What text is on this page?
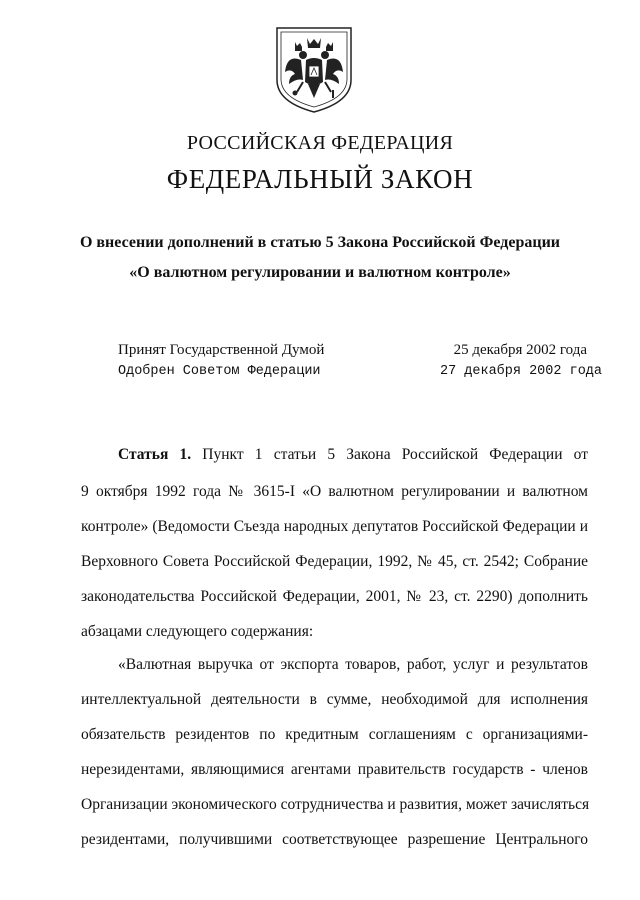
РОССИЙСКАЯ ФЕДЕРАЦИЯ
ФЕДЕРАЛЬНЫЙ ЗАКОН
О внесении дополнений в статью 5 Закона Российской Федерации
«О валютном регулировании и валютном контроле»
Принят Государственной Думой	25 декабря 2002 года
Одобрен Советом Федерации	27 декабря 2002 года
Статья 1. Пункт 1 статьи 5 Закона Российской Федерации от
9 октября 1992 года № 3615-I «О валютном регулировании и валютном
контроле» (Ведомости Съезда народных депутатов Российской Федерации и
Верховного Совета Российской Федерации, 1992, № 45, ст. 2542; Собрание
законодательства Российской Федерации, 2001, № 23, ст. 2290) дополнить
абзацами следующего содержания:
«Валютная выручка от экспорта товаров, работ, услуг и результатов
интеллектуальной деятельности в сумме, необходимой для исполнения
обязательств резидентов по кредитным соглашениям с организациями-
нерезидентами, являющимися агентами правительств государств - членов
Организации экономического сотрудничества и развития, может зачисляться
резидентами, получившими соответствующее разрешение Центрального
